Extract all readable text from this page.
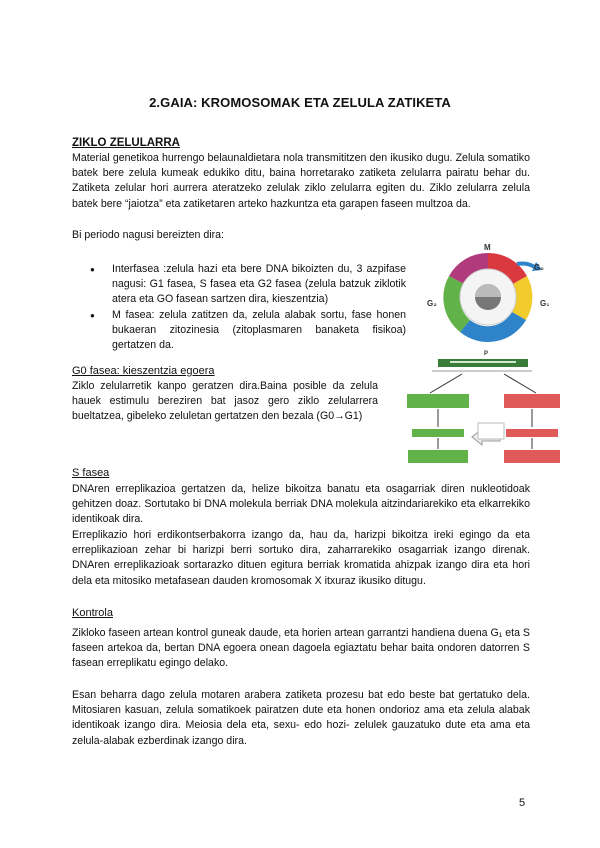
2.GAIA: KROMOSOMAK ETA ZELULA ZATIKETA
ZIKLO ZELULARRA
Material genetikoa hurrengo belaunaldietara nola transmititzen den ikusiko dugu. Zelula somatiko batek bere zelula kumeak edukiko ditu, baina horretarako zatiketa zelularra pairatu behar du. Zatiketa zelular hori aurrera ateratzeko zelulak ziklo zelularra egiten du. Ziklo zelularra zelula batek bere “jaiotza” eta zatiketaren arteko hazkuntza eta garapen faseen multzoa da.
Bi periodo nagusi bereizten dira:
● Interfasea :zelula hazi eta bere DNA bikoizten du, 3 azpifase nagusi: G1 fasea, S fasea eta G2 fasea (zelula batzuk ziklotik atera eta GO fasean sartzen dira, kieszentzia)
● M fasea: zelula zatitzen da, zelula alabak sortu, fase honen bukaeran zitozinesia (zitoplasmaren banaketa fisikoa) gertatzen da.
M
G₀
G₁
G₂
P
G0 fasea: kieszentzia egoera
Ziklo zelularretik kanpo geratzen dira.Baina posible da zelula hauek estimulu bereziren bat jasoz gero ziklo zelularrera bueltatzea, gibeleko zeluletan gertatzen den bezala (G0→G1)
S fasea
DNAren erreplikazioa gertatzen da, helize bikoitza banatu eta osagarriak diren nukleotidoak gehitzen doaz. Sortutako bi DNA molekula berriak DNA molekula aitzindariarekiko eta elkarrekiko identikoak dira.
Erreplikazio hori erdikontserbakorra izango da, hau da, harizpi bikoitza ireki egingo da eta erreplikazioan zehar bi harizpi berri sortuko dira, zaharrarekiko osagarriak izango direnak. DNAren erreplikazioak sortarazko dituen egitura berriak kromatida ahizpak izango dira eta hori dela eta mitosiko metafasean dauden kromosomak X itxuraz ikusiko ditugu.
Kontrola
Zikloko faseen artean kontrol guneak daude, eta horien artean garrantzi handiena duena G₁ eta S faseen artekoa da, bertan DNA egoera onean dagoela egiaztatu behar baita ondoren datorren S fasean erreplikatu egingo delako.
Esan beharra dago zelula motaren arabera zatiketa prozesu bat edo beste bat gertatuko dela. Mitosiaren kasuan, zelula somatikoek pairatzen dute eta honen ondorioz ama eta zelula alabak identikoak izango dira. Meiosia dela eta, sexu- edo hozi- zelulek gauzatuko dute eta ama eta zelula-alabak ezberdinak izango dira.
5
